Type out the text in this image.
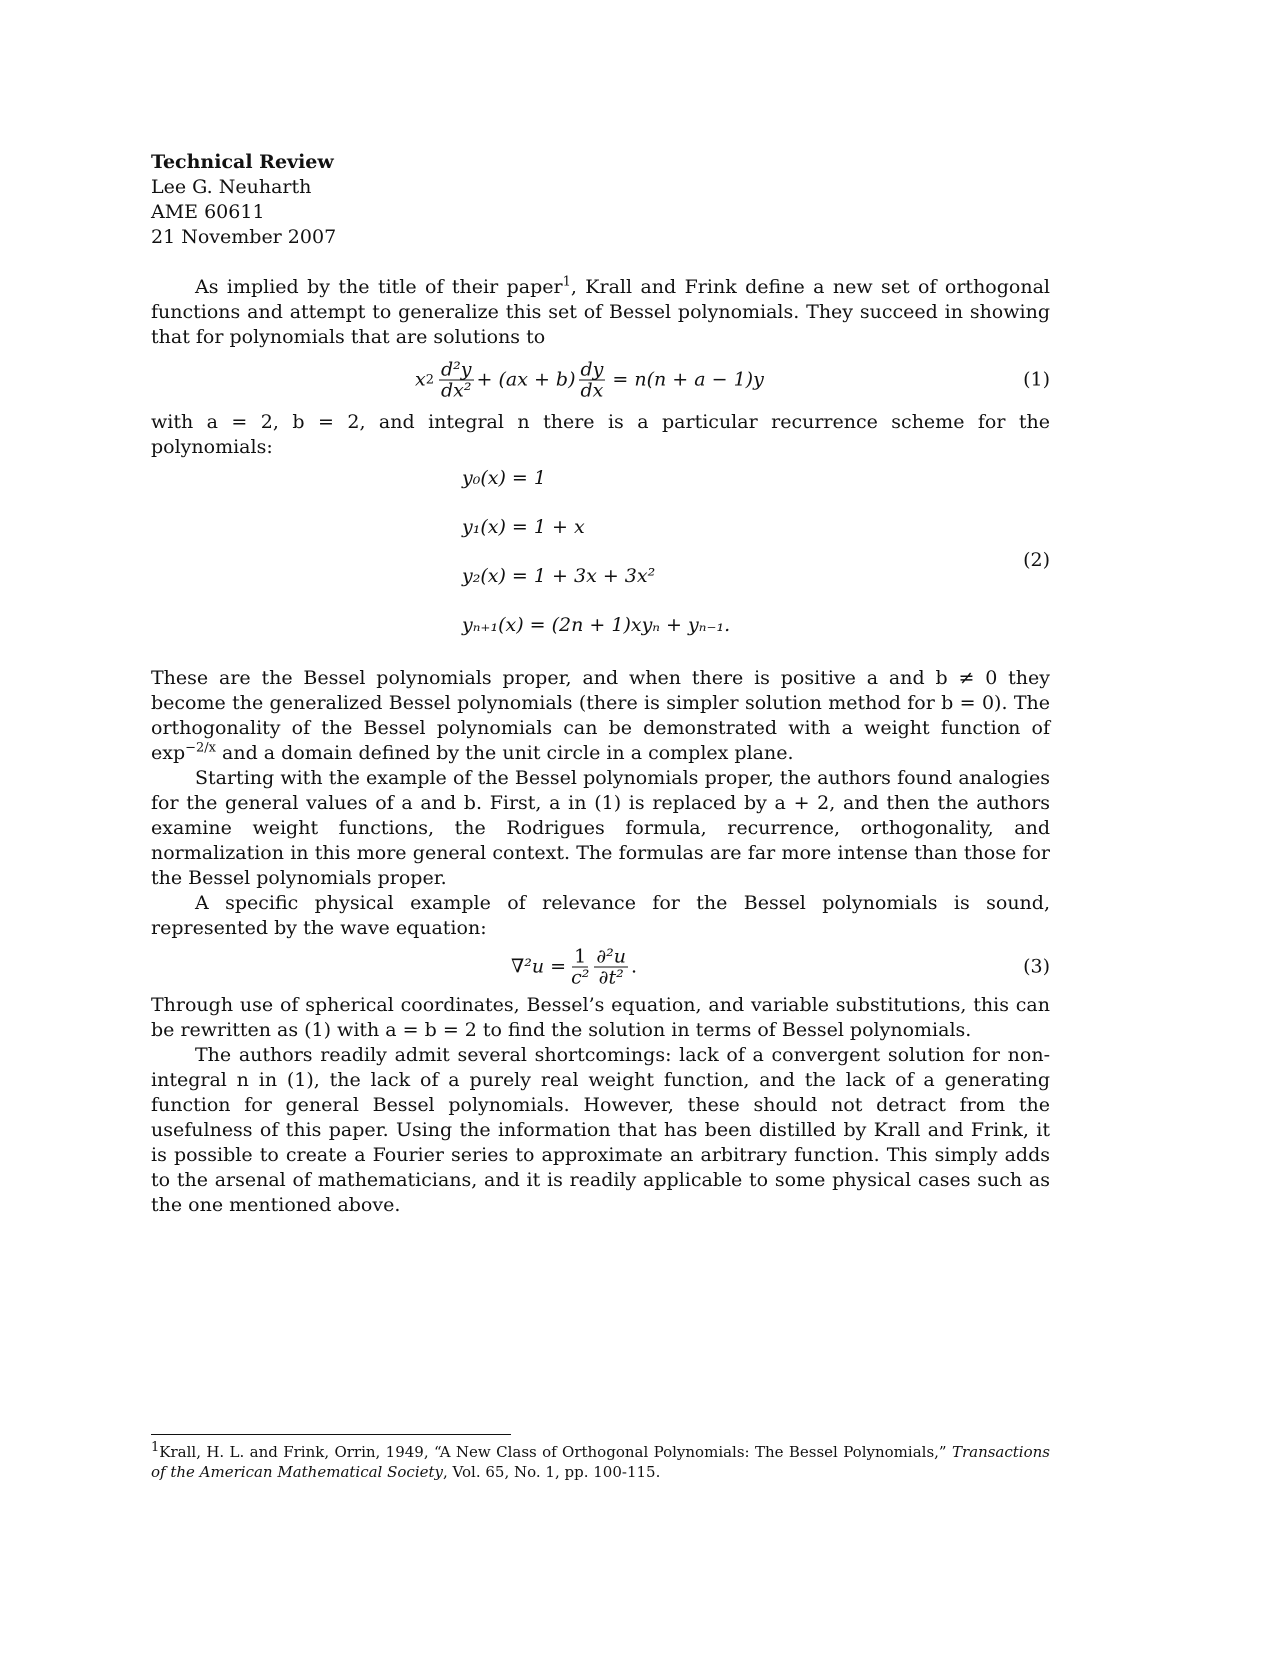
Technical Review
Lee G. Neuharth
AME 60611
21 November 2007

As implied by the title of their paper$^1$, Krall and Frink define a new set of orthogonal functions and attempt to generalize this set of Bessel polynomials. They succeed in showing that for polynomials that are solutions to

x $2 \frac{\text{d²y}}{\text{dx²}} + (ax + b) \frac{dy}{dx} = n(n + a - 1)y$	(1)

with a = 2, b = 2, and integral n there is a particular recurrence scheme for the polynomials:

y₀(x) = 1
y₁(x) = 1 + x
y₂(x) = 1 + 3x + 3x²
yₙ₊₁(x) = (2n + 1)xyₙ + yₙ₋₁.
(2)

These are the Bessel polynomials proper, and when there is positive a and b ≠ 0 they become the generalized Bessel polynomials (there is simpler solution method for b = 0). The orthogonality of the Bessel polynomials can be demonstrated with a weight function of $\exp^{-2/x}$ and a domain defined by the unit circle in a complex plane.

Starting with the example of the Bessel polynomials proper, the authors found analogies for the general values of a and b. First, a in (1) is replaced by a + 2, and then the authors examine weight functions, the Rodrigues formula, recurrence, orthogonality, and normalization in this more general context. The formulas are far more intense than those for the Bessel polynomials proper.

A specific physical example of relevance for the Bessel polynomials is sound, represented by the wave equation:

$\nabla^2u = \frac{1}{\text{c²}} \frac{\text{∂²u}}{\text{∂t²}}$ .	(3)

Through use of spherical coordinates, Bessel’s equation, and variable substitutions, this can be rewritten as (1) with a = b = 2 to find the solution in terms of Bessel polynomials.

The authors readily admit several shortcomings: lack of a convergent solution for non-integral n in (1), the lack of a purely real weight function, and the lack of a generating function for general Bessel polynomials. However, these should not detract from the usefulness of this paper. Using the information that has been distilled by Krall and Frink, it is possible to create a Fourier series to approximate an arbitrary function. This simply adds to the arsenal of mathematicians, and it is readily applicable to some physical cases such as the one mentioned above.

$^1$Krall, H. L. and Frink, Orrin, 1949, “A New Class of Orthogonal Polynomials: The Bessel Polynomials,” Transactions of the American Mathematical Society, Vol. 65, No. 1, pp. 100-115.
